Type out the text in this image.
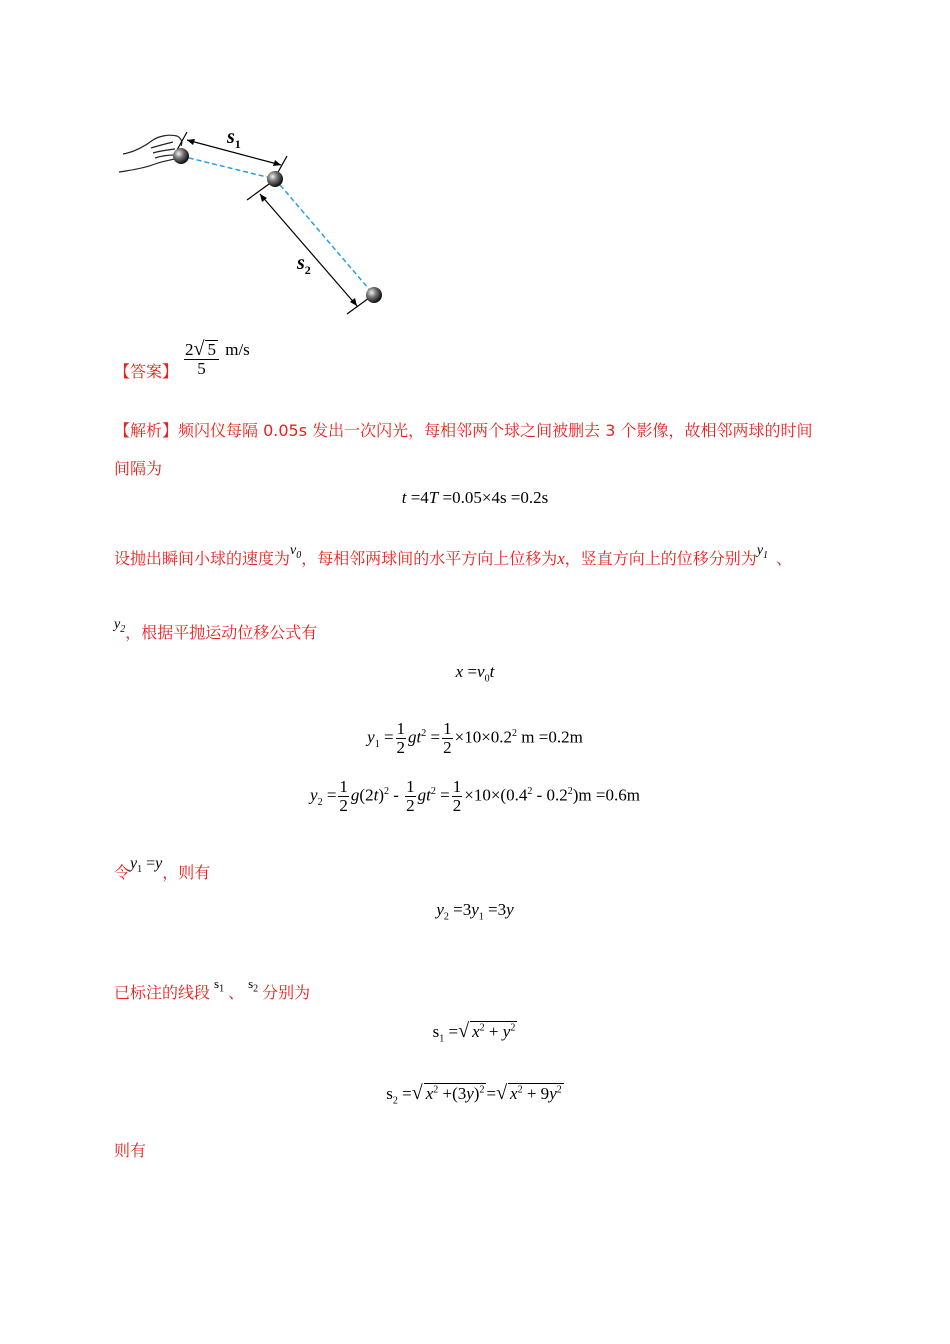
$s_1$
$s_2$
【答案】 $\frac{2√ 5}{5} m/s$
【解析】频闪仪每隔 0.05s 发出一次闪光，每相邻两个球之间被删去 3 个影像，故相邻两球的时间
间隔为
t =4T =0.05×4s =0.2s
设抛出瞬间小球的速度为$v_0$，每相邻两球间的水平方向上位移为x，竖直方向上的位移分别为$y_1$ 、
$y_2$，根据平抛运动位移公式有
$x =v_0t$
$y_1 = \frac{1}{2} gt^2 = \frac{1}{2} \times 10\times 0.2^2$ m =0.2m
$y_2 = \frac{1}{2} g(2t)^2 - \frac{1}{2} gt^2 = \frac{1}{2} \times 10\times(0.4^2 - 0.2^2)m =0.6m$
令$y_1 =y$，则有
$y_2 =3y_1 =3y$
已标注的线段 $^{s_1}$ 、 $^{s_2}$ 分别为
$s_1$ =√ $x^2 + y^2$
$s_2$ =√ $x^2 +(3y)^2$ =√ $x^2 + 9y^2$
则有
